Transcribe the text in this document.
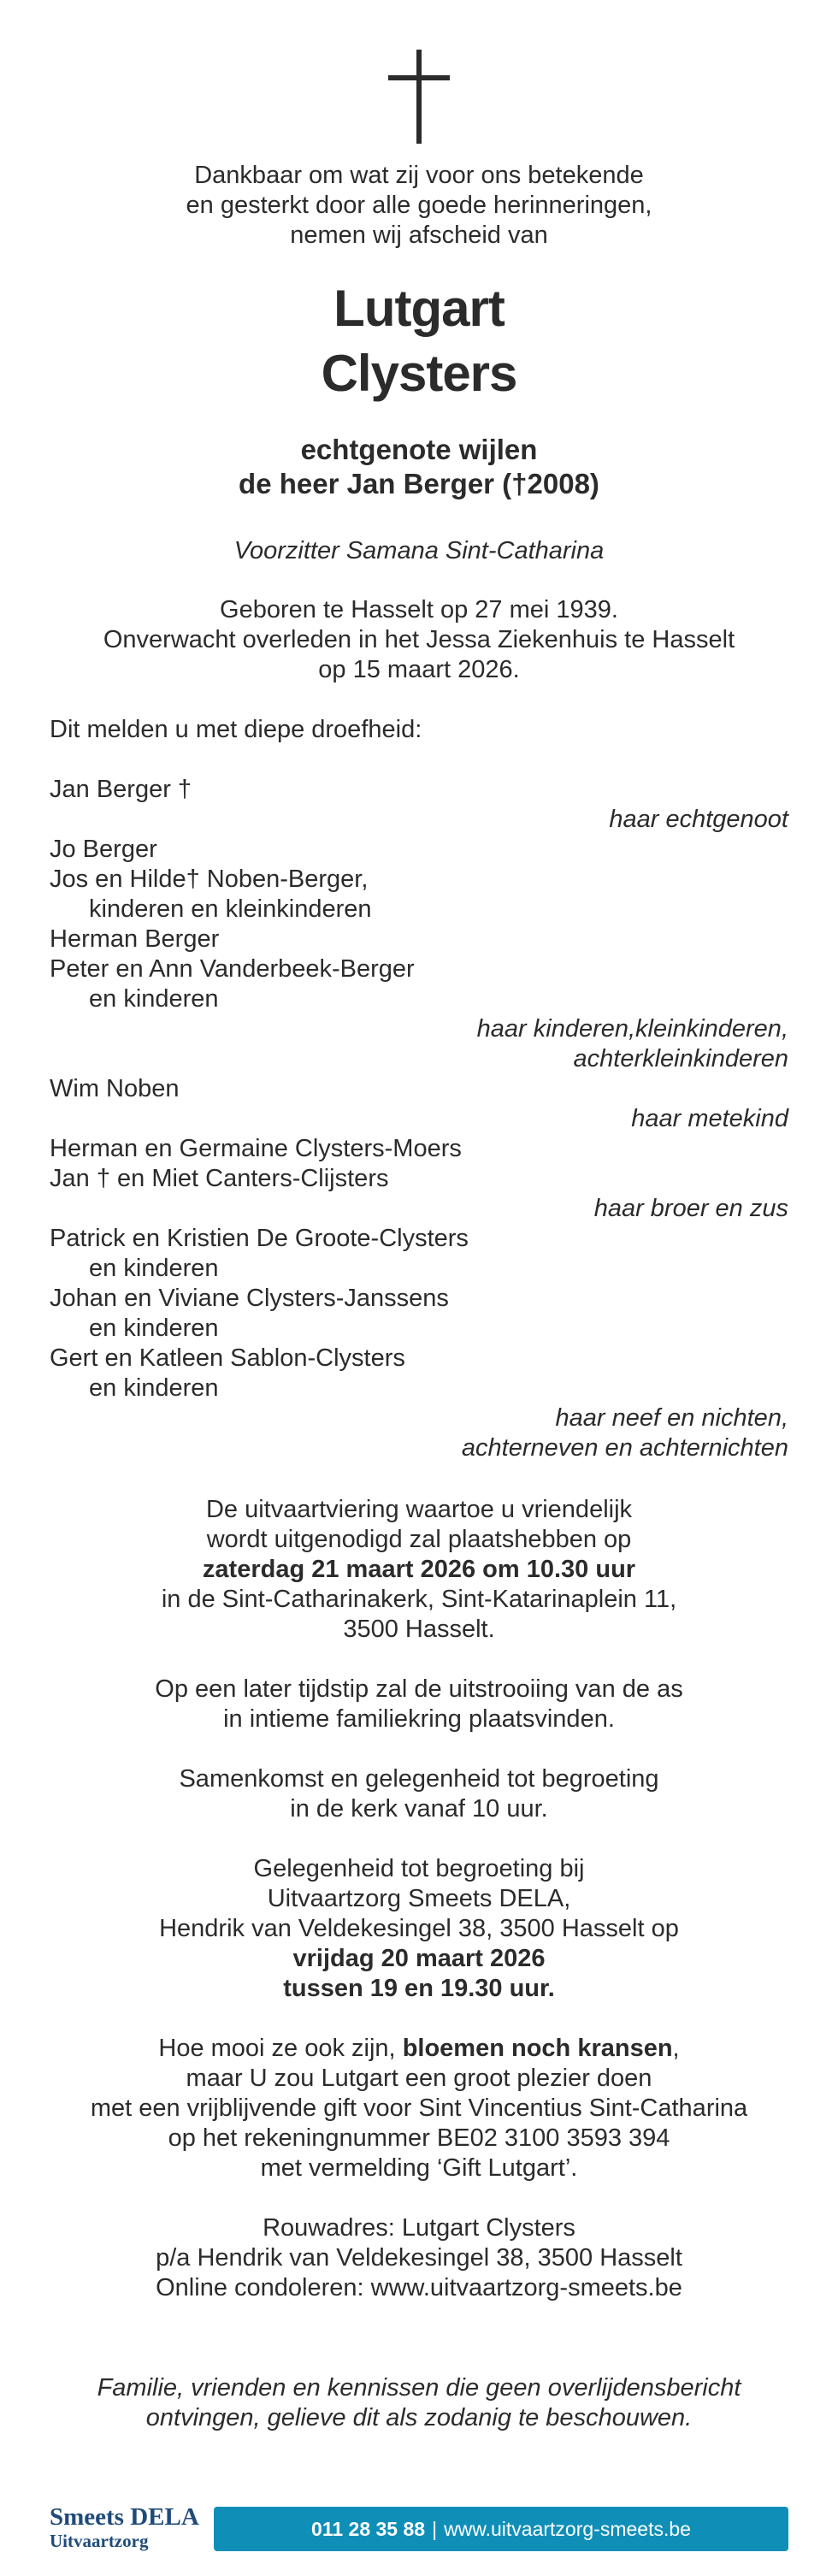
Dankbaar om wat zij voor ons betekende
en gesterkt door alle goede herinneringen,
nemen wij afscheid van
Lutgart
Clysters
echtgenote wijlen
de heer Jan Berger (†2008)
Voorzitter Samana Sint-Catharina
Geboren te Hasselt op 27 mei 1939.
Onverwacht overleden in het Jessa Ziekenhuis te Hasselt
op 15 maart 2026.
Dit melden u met diepe droefheid:
Jan Berger †
haar echtgenoot
Jo Berger
Jos en Hilde† Noben-Berger,
kinderen en kleinkinderen
Herman Berger
Peter en Ann Vanderbeek-Berger
en kinderen
haar kinderen,kleinkinderen,
achterkleinkinderen
Wim Noben
haar metekind
Herman en Germaine Clysters-Moers
Jan † en Miet Canters-Clijsters
haar broer en zus
Patrick en Kristien De Groote-Clysters
en kinderen
Johan en Viviane Clysters-Janssens
en kinderen
Gert en Katleen Sablon-Clysters
en kinderen
haar neef en nichten,
achterneven en achternichten
De uitvaartviering waartoe u vriendelijk
wordt uitgenodigd zal plaatshebben op
zaterdag 21 maart 2026 om 10.30 uur
in de Sint-Catharinakerk, Sint-Katarinaplein 11,
3500 Hasselt.
Op een later tijdstip zal de uitstrooiing van de as
in intieme familiekring plaatsvinden.
Samenkomst en gelegenheid tot begroeting
in de kerk vanaf 10 uur.
Gelegenheid tot begroeting bij
Uitvaartzorg Smeets DELA,
Hendrik van Veldekesingel 38, 3500 Hasselt op
vrijdag 20 maart 2026
tussen 19 en 19.30 uur.
Hoe mooi ze ook zijn, bloemen noch kransen,
maar U zou Lutgart een groot plezier doen
met een vrijblijvende gift voor Sint Vincentius Sint-Catharina
op het rekeningnummer BE02 3100 3593 394
met vermelding ‘Gift Lutgart’.
Rouwadres: Lutgart Clysters
p/a Hendrik van Veldekesingel 38, 3500 Hasselt
Online condoleren: www.uitvaartzorg-smeets.be
Familie, vrienden en kennissen die geen overlijdensbericht
ontvingen, gelieve dit als zodanig te beschouwen.
Smeets DELA
Uitvaartzorg
011 28 35 88 | www.uitvaartzorg-smeets.be
